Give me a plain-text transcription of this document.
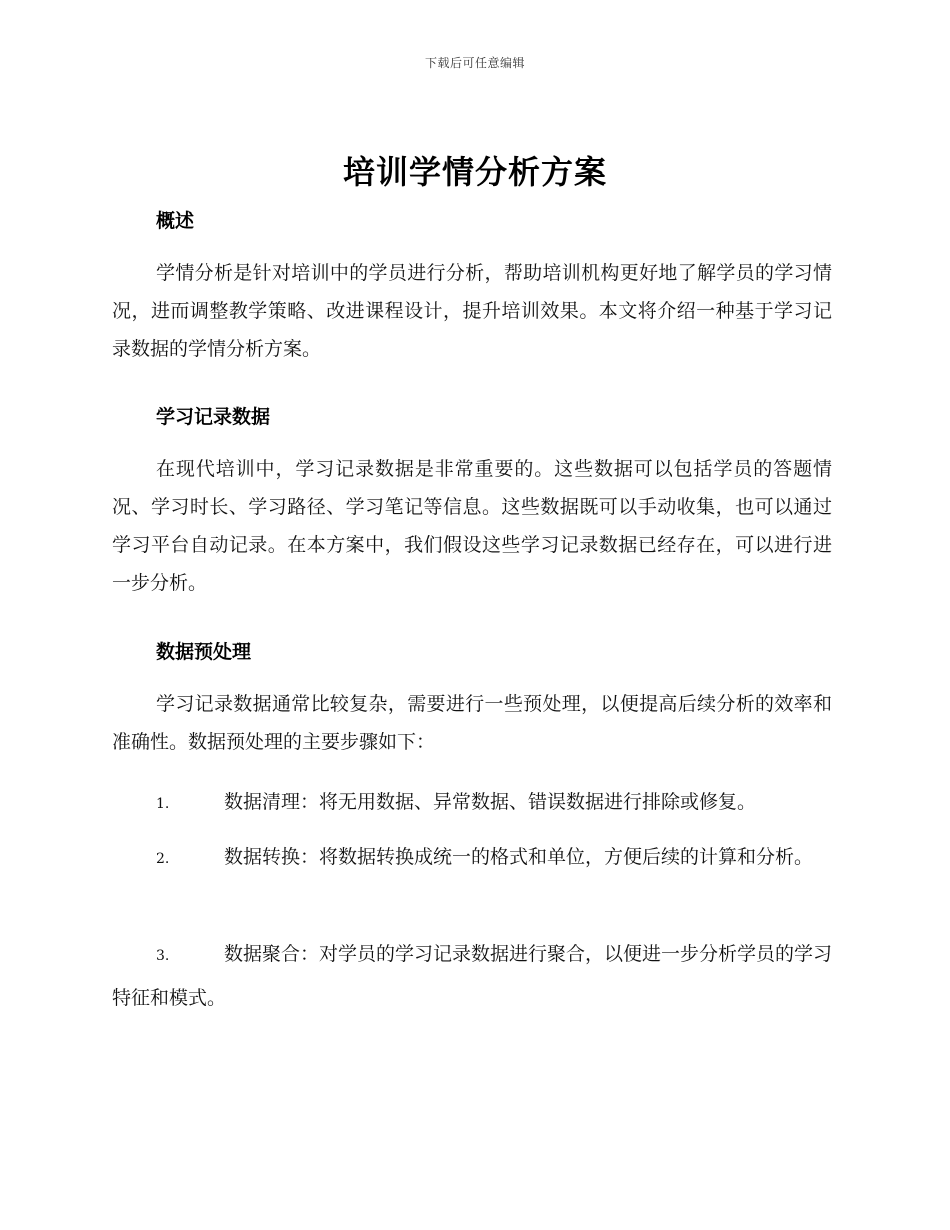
下载后可任意编辑
培训学情分析方案
概述

学情分析是针对培训中的学员进行分析，帮助培训机构更好地了解学员的学习情况，进而调整教学策略、改进课程设计，提升培训效果。本文将介绍一种基于学习记录数据的学情分析方案。

学习记录数据

在现代培训中，学习记录数据是非常重要的。这些数据可以包括学员的答题情况、学习时长、学习路径、学习笔记等信息。这些数据既可以手动收集，也可以通过学习平台自动记录。在本方案中，我们假设这些学习记录数据已经存在，可以进行进一步分析。

数据预处理

学习记录数据通常比较复杂，需要进行一些预处理，以便提高后续分析的效率和准确性。数据预处理的主要步骤如下：

1.	数据清理：将无用数据、异常数据、错误数据进行排除或修复。

2.	数据转换：将数据转换成统一的格式和单位，方便后续的计算和分析。

3.	数据聚合：对学员的学习记录数据进行聚合，以便进一步分析学员的学习特征和模式。
